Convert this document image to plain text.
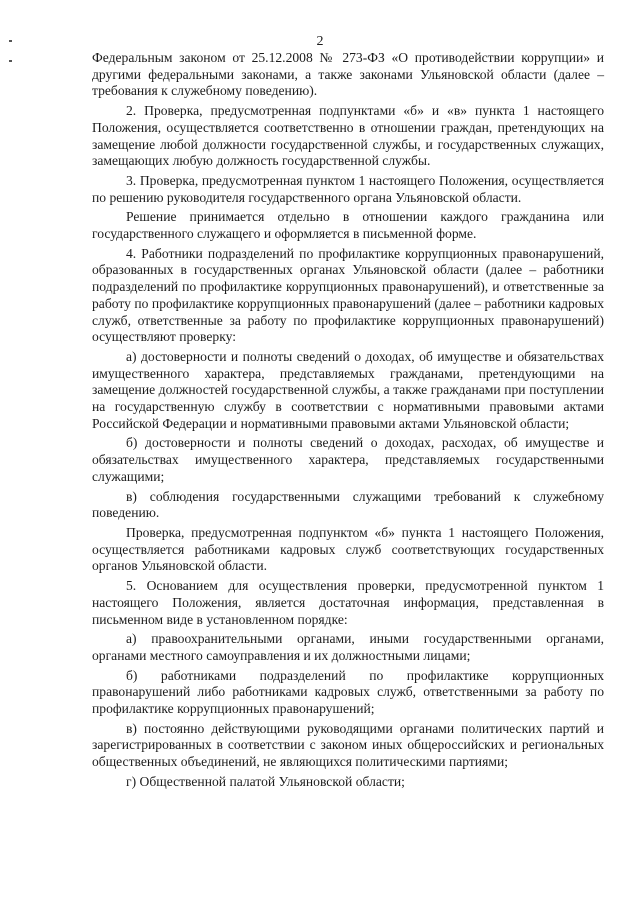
2

Федеральным законом от 25.12.2008 № 273-ФЗ «О противодействии коррупции» и другими федеральными законами, а также законами Ульяновской области (далее – требования к служебному поведению).

2. Проверка, предусмотренная подпунктами «б» и «в» пункта 1 настоящего Положения, осуществляется соответственно в отношении граждан, претендующих на замещение любой должности государственной службы, и государственных служащих, замещающих любую должность государственной службы.

3. Проверка, предусмотренная пунктом 1 настоящего Положения, осуществляется по решению руководителя государственного органа Ульяновской области.

Решение принимается отдельно в отношении каждого гражданина или государственного служащего и оформляется в письменной форме.

4. Работники подразделений по профилактике коррупционных правонарушений, образованных в государственных органах Ульяновской области (далее – работники подразделений по профилактике коррупционных правонарушений), и ответственные за работу по профилактике коррупционных правонарушений (далее – работники кадровых служб, ответственные за работу по профилактике коррупционных правонарушений) осуществляют проверку:

а) достоверности и полноты сведений о доходах, об имуществе и обязательствах имущественного характера, представляемых гражданами, претендующими на замещение должностей государственной службы, а также гражданами при поступлении на государственную службу в соответствии с нормативными правовыми актами Российской Федерации и нормативными правовыми актами Ульяновской области;

б) достоверности и полноты сведений о доходах, расходах, об имуществе и обязательствах имущественного характера, представляемых государственными служащими;

в) соблюдения государственными служащими требований к служебному поведению.

Проверка, предусмотренная подпунктом «б» пункта 1 настоящего Положения, осуществляется работниками кадровых служб соответствующих государственных органов Ульяновской области.

5. Основанием для осуществления проверки, предусмотренной пунктом 1 настоящего Положения, является достаточная информация, представленная в письменном виде в установленном порядке:

а) правоохранительными органами, иными государственными органами, органами местного самоуправления и их должностными лицами;

б) работниками подразделений по профилактике коррупционных правонарушений либо работниками кадровых служб, ответственными за работу по профилактике коррупционных правонарушений;

в) постоянно действующими руководящими органами политических партий и зарегистрированных в соответствии с законом иных общероссийских и региональных общественных объединений, не являющихся политическими партиями;

г) Общественной палатой Ульяновской области;
